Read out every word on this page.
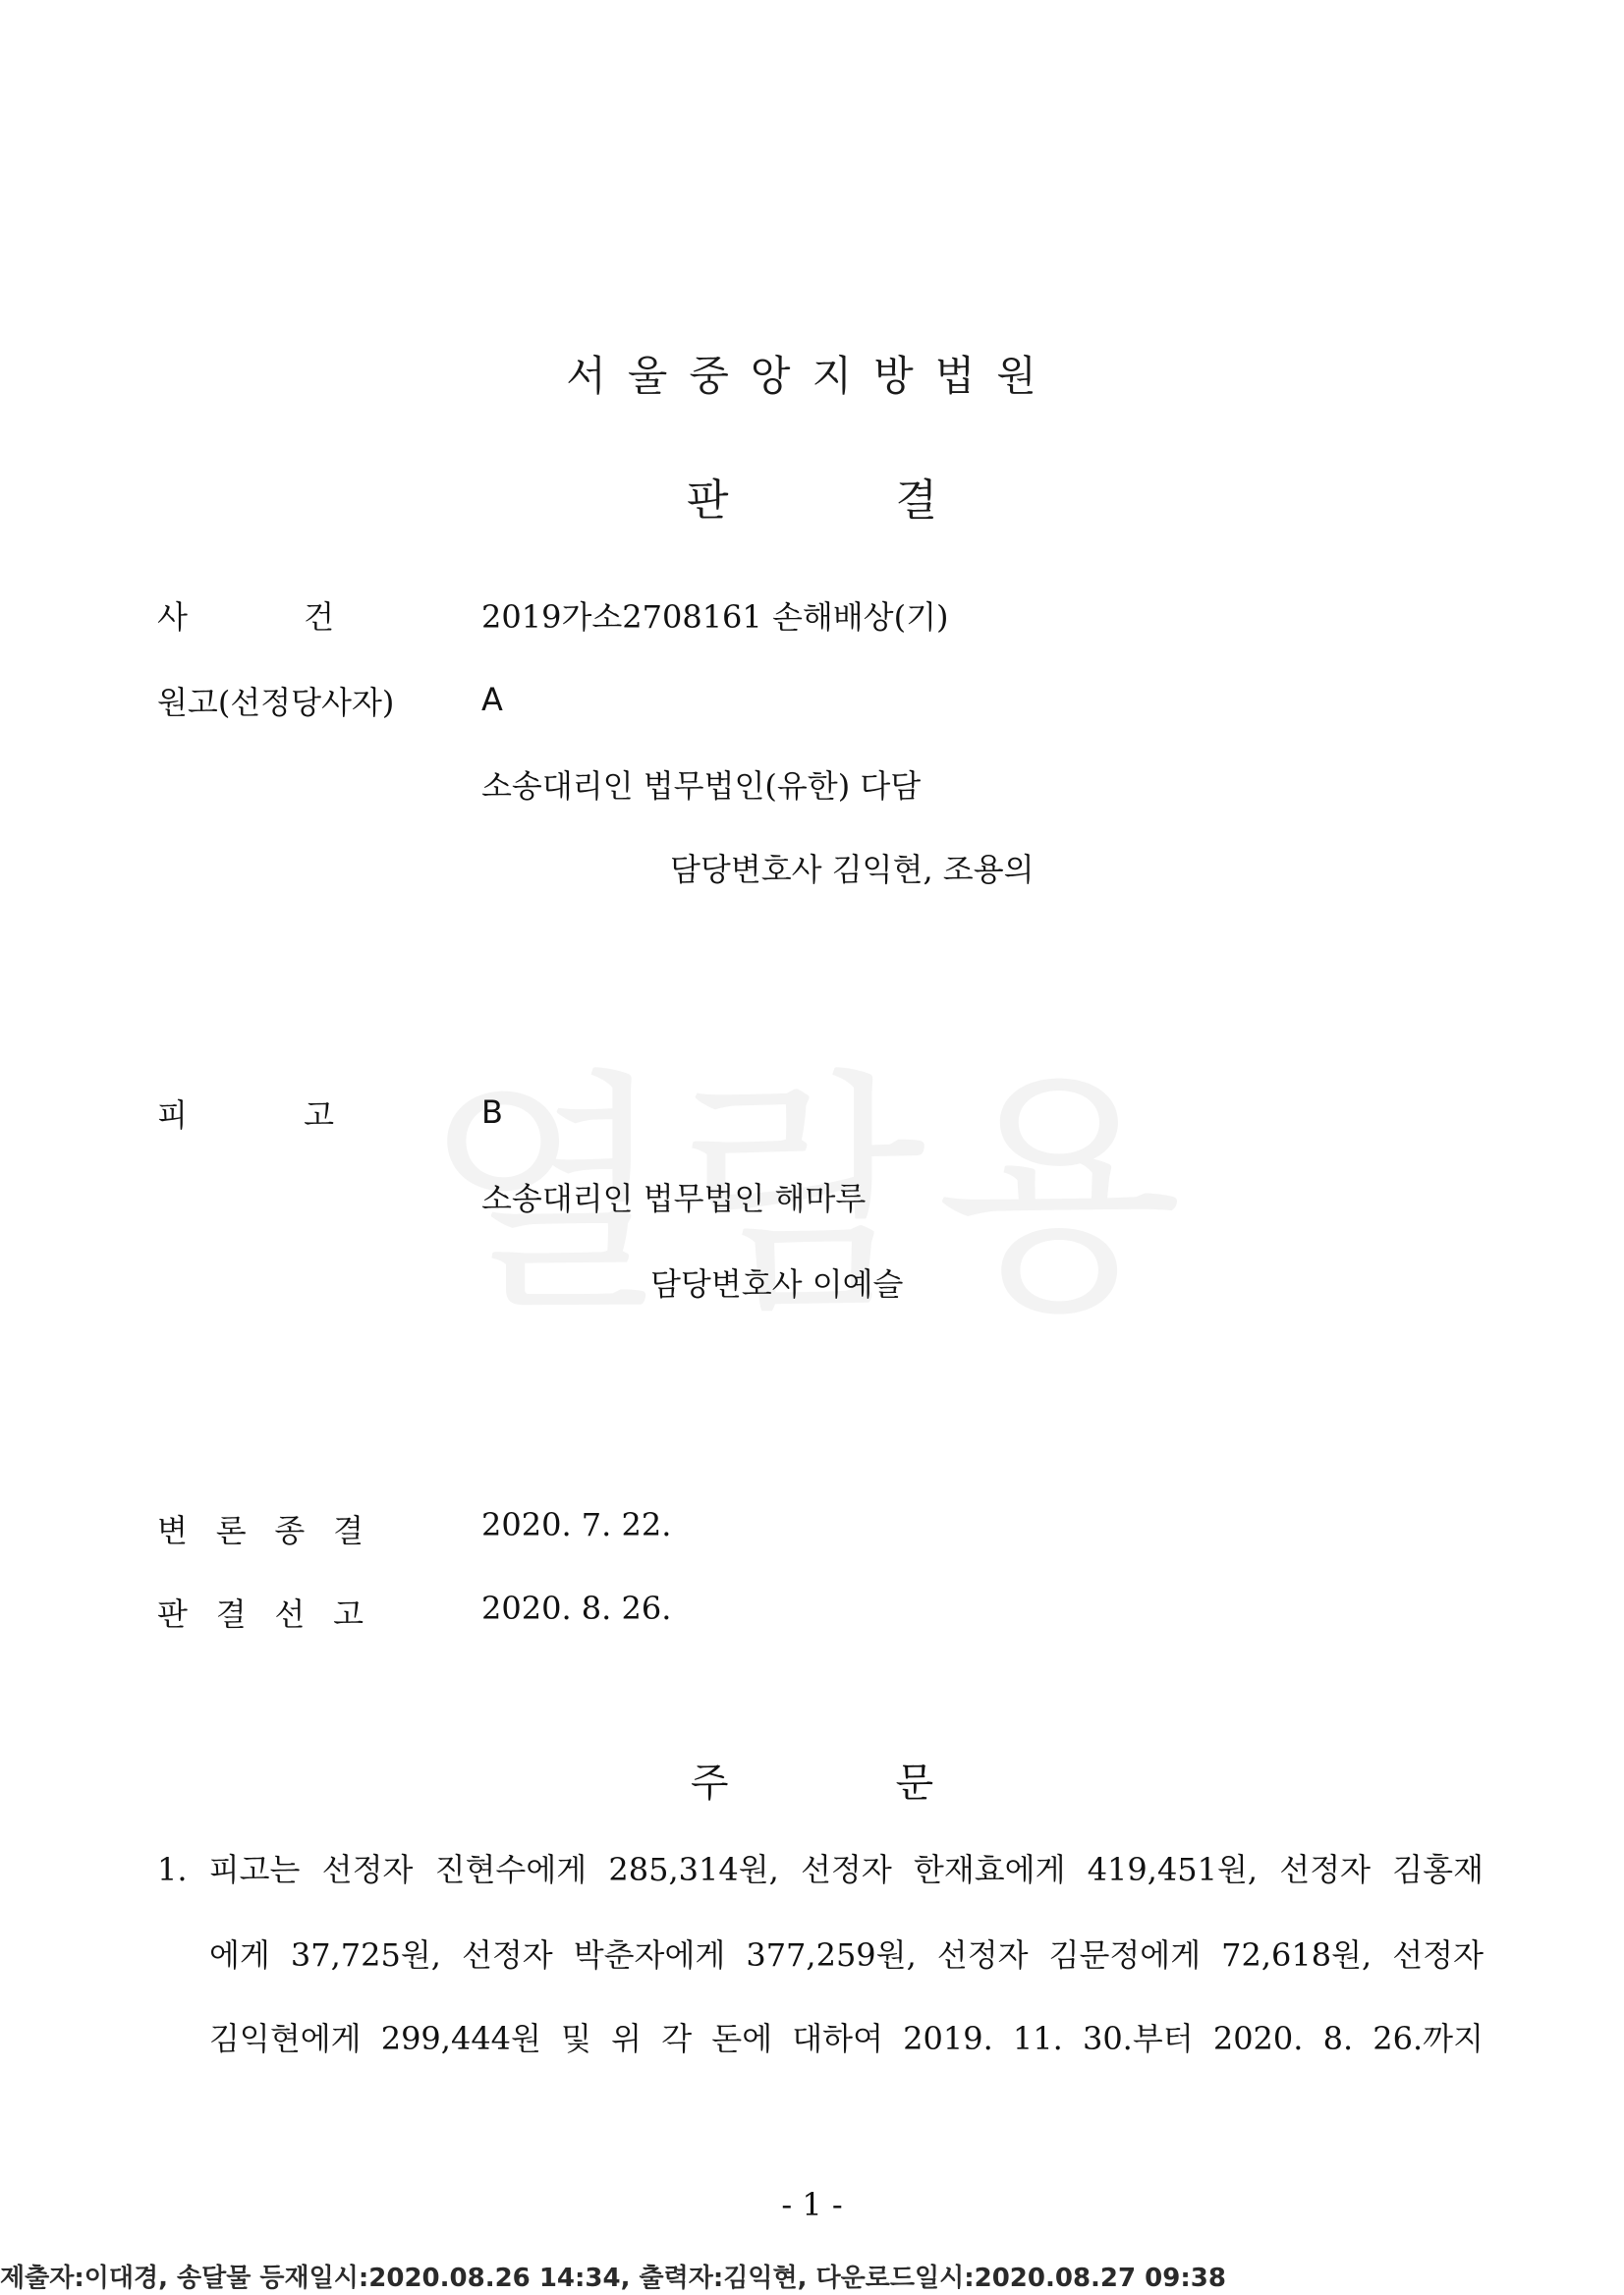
서울중앙지방법원
판	결
사	건	2019가소2708161 손해배상(기)
원고(선정당사자)	A
소송대리인 법무법인(유한) 다담
담당변호사 김익현, 조용의
피	고	B
소송대리인 법무법인 해마루
담당변호사 이예슬
변 론 종 결	2020. 7. 22.
판 결 선 고	2020. 8. 26.
주	문
1. 피고는 선정자 진현수에게 285,314원, 선정자 한재효에게 419,451원, 선정자 김홍재
에게 37,725원, 선정자 박춘자에게 377,259원, 선정자 김문정에게 72,618원, 선정자
김익현에게 299,444원 및 위 각 돈에 대하여 2019. 11. 30.부터 2020. 8. 26.까지
- 1 -
제출자:이대경, 송달물 등재일시:2020.08.26 14:34, 출력자:김익현, 다운로드일시:2020.08.27 09:38
